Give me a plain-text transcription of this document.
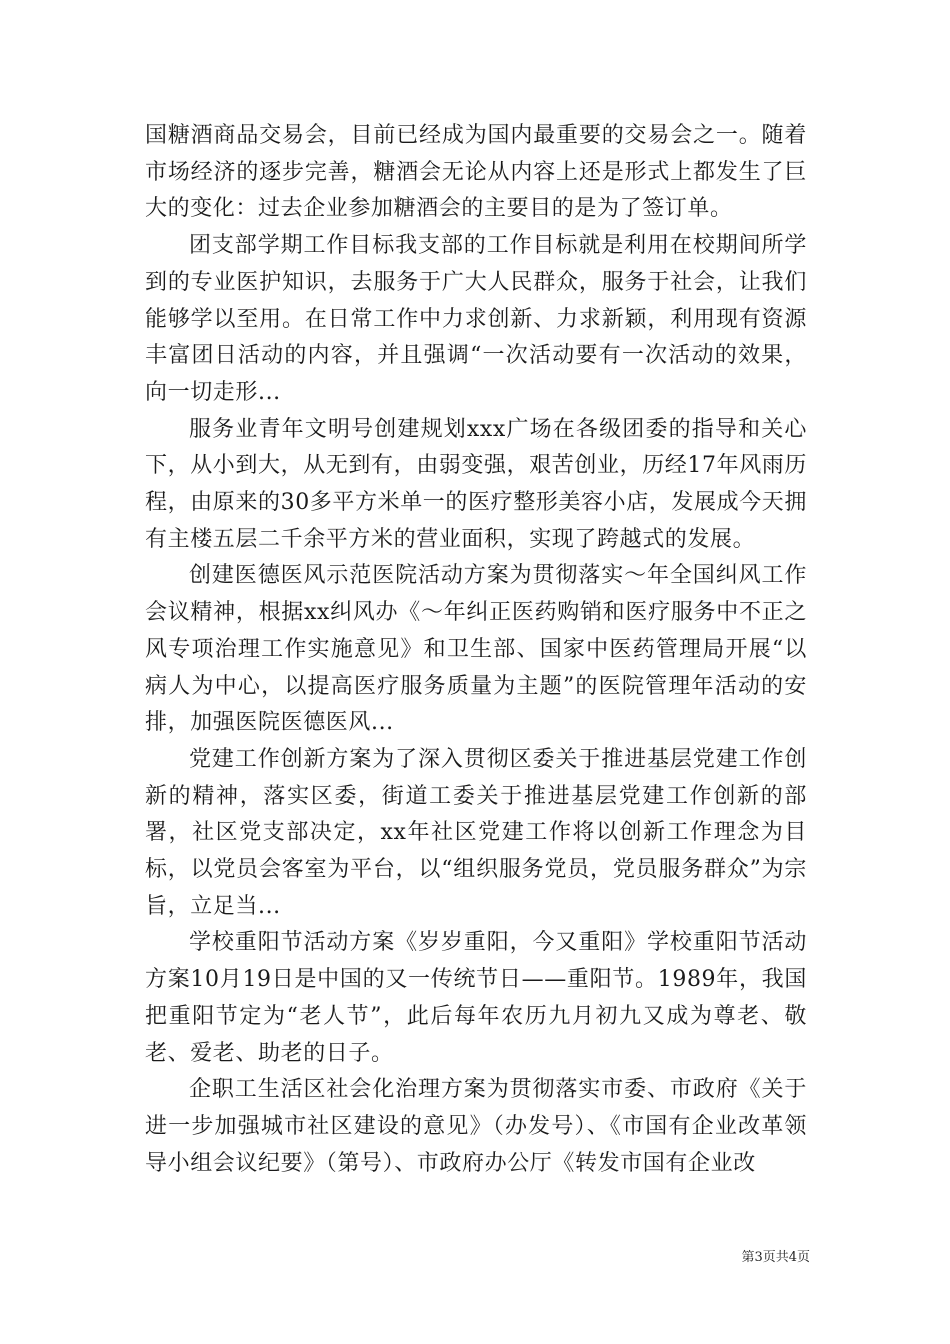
国糖酒商品交易会，目前已经成为国内最重要的交易会之一。随着市场经济的逐步完善，糖酒会无论从内容上还是形式上都发生了巨大的变化：过去企业参加糖酒会的主要目的是为了签订单。

团支部学期工作目标我支部的工作目标就是利用在校期间所学到的专业医护知识，去服务于广大人民群众，服务于社会，让我们能够学以至用。在日常工作中力求创新、力求新颖，利用现有资源丰富团日活动的内容，并且强调“一次活动要有一次活动的效果，向一切走形...

服务业青年文明号创建规划xxx广场在各级团委的指导和关心下，从小到大，从无到有，由弱变强，艰苦创业，历经17年风雨历程，由原来的30多平方米单一的医疗整形美容小店，发展成今天拥有主楼五层二千余平方米的营业面积，实现了跨越式的发展。

创建医德医风示范医院活动方案为贯彻落实～年全国纠风工作会议精神，根据xx纠风办《～年纠正医药购销和医疗服务中不正之风专项治理工作实施意见》和卫生部、国家中医药管理局开展“以病人为中心，以提高医疗服务质量为主题”的医院管理年活动的安排，加强医院医德医风...

党建工作创新方案为了深入贯彻区委关于推进基层党建工作创新的精神，落实区委，街道工委关于推进基层党建工作创新的部署，社区党支部决定，xx年社区党建工作将以创新工作理念为目标，以党员会客室为平台，以“组织服务党员，党员服务群众”为宗旨，立足当...

学校重阳节活动方案《岁岁重阳，今又重阳》学校重阳节活动方案10月19日是中国的又一传统节日——重阳节。1989年，我国把重阳节定为“老人节”，此后每年农历九月初九又成为尊老、敬老、爱老、助老的日子。

企职工生活区社会化治理方案为贯彻落实市委、市政府《关于进一步加强城市社区建设的意见》（办发号）、《市国有企业改革领导小组会议纪要》（第号）、市政府办公厅《转发市国有企业改

第3页共4页
